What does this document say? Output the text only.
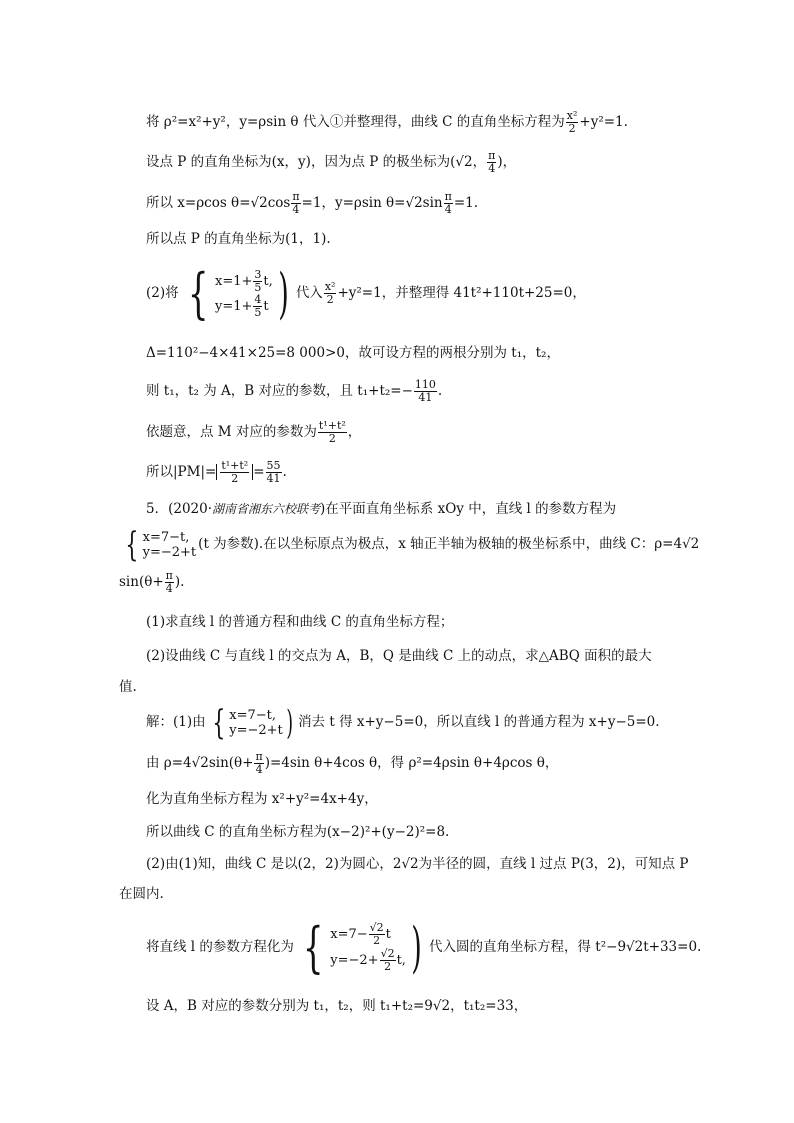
将 ρ²=x²+y²，y=ρsin θ 代入①并整理得，曲线 C 的直角坐标方程为 $\frac{\text{x²}}{2} +y^2=1$.
设点 P 的直角坐标为(x，y)，因为点 P 的极坐标为(√2， $\frac{\pi}{4}$ )，
所以 x=ρcos $\theta=√2\cos \frac{\pi}{4} =1$，y=ρsin $\theta=√2\sin \frac{\pi}{4} =1$.
所以点 P 的直角坐标为(1，1).
(2)将 { $x=1+ \frac{3}{5} t$,
$y=1+ \frac{4}{5}$ t ) 代入 $\frac{\text{x²}}{2} +y^2=1$，并整理得 41t²+110t+25=0，
Δ=110²−4×41×25=8 000>0，故可设方程的两根分别为 t₁，t₂，
则 t₁，t₂ 为 A，B 对应的参数，且 $t_1+t_2=- \frac{110}{41}$ .
依题意，点 M 对应的参数为 $\frac{\text{t¹+t²}}{2}$ ，
所以$|PM|= \frac{\text{t¹+t²}}{2} = \frac{55}{41}$ .
5．(2020·湖南省湘东六校联考)在平面直角坐标系 xOy 中，直线 l 的参数方程为
{ x=7−t,
y=−2+t (t 为参数).在以坐标原点为极点，x 轴正半轴为极轴的极坐标系中，曲线 C：ρ=4√2
$\sin(\theta+ \frac{\pi}{4}$ ).
(1)求直线 l 的普通方程和曲线 C 的直角坐标方程；
(2)设曲线 C 与直线 l 的交点为 A，B，Q 是曲线 C 上的动点，求△ABQ 面积的最大
值.
解：(1)由 { x=7−t,
y=−2+t ) 消去 t 得 x+y−5=0，所以直线 l 的普通方程为 x+y−5=0.
由 $\rho=4√2\sin(\theta+ \frac{\pi}{4} )=4\sin$ θ+4cos θ，得 ρ²=4ρsin θ+4ρcos θ，
化为直角坐标方程为 x²+y²=4x+4y，
所以曲线 C 的直角坐标方程为(x−2)²+(y−2)²=8.
(2)由(1)知，曲线 C 是以(2，2)为圆心，2√2为半径的圆，直线 l 过点 P(3，2)，可知点 P
在圆内.
将直线 l 的参数方程化为 { $x=7- \frac{√2}{2}$ t
$y=-2+ \frac{√2}{2} t$, ) 代入圆的直角坐标方程，得 t²−9√2t+33=0.
设 A，B 对应的参数分别为 t₁，t₂，则 t₁+t₂=9√2，t₁t₂=33，
